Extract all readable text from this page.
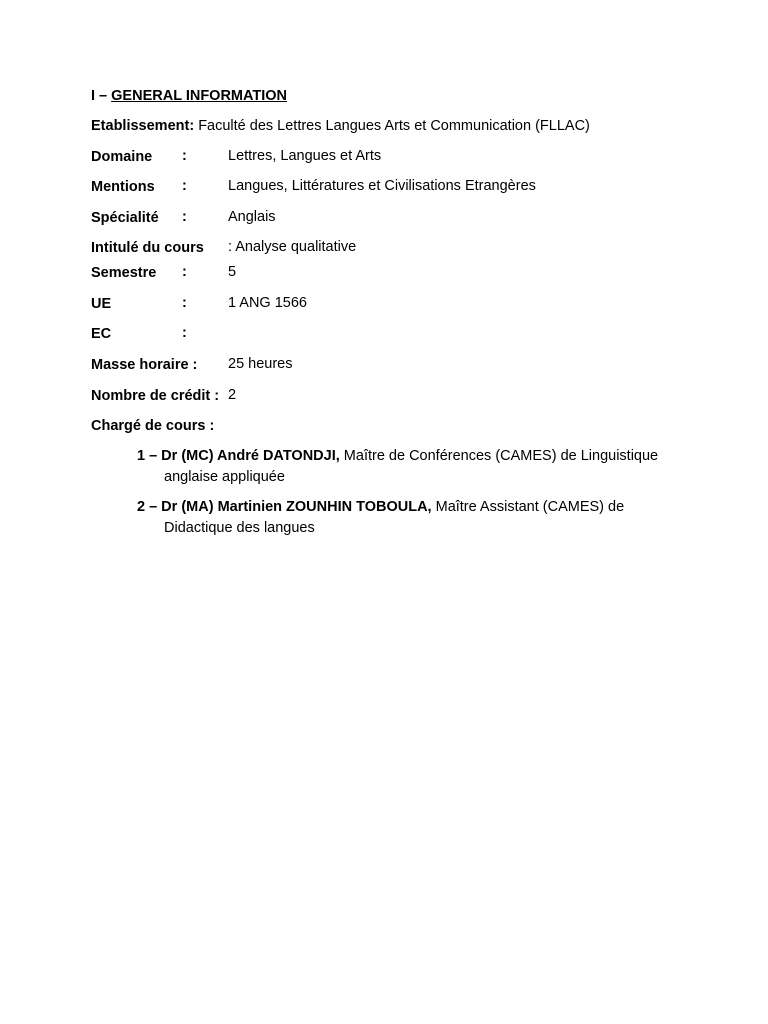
I – GENERAL INFORMATION
Etablissement: Faculté des Lettres Langues Arts et Communication (FLLAC)
Domaine :	Lettres, Langues et Arts
Mentions :	Langues, Littératures et Civilisations Etrangères
Spécialité :	Anglais
Intitulé du cours : Analyse qualitative
Semestre :	5
UE	:	1 ANG 1566
EC	:
Masse horaire : 25 heures
Nombre de crédit : 2
Chargé de cours :
1 – Dr (MC) André DATONDJI, Maître de Conférences (CAMES) de Linguistique
anglaise appliquée
2 – Dr (MA) Martinien ZOUNHIN TOBOULA, Maître Assistant (CAMES) de
Didactique des langues
